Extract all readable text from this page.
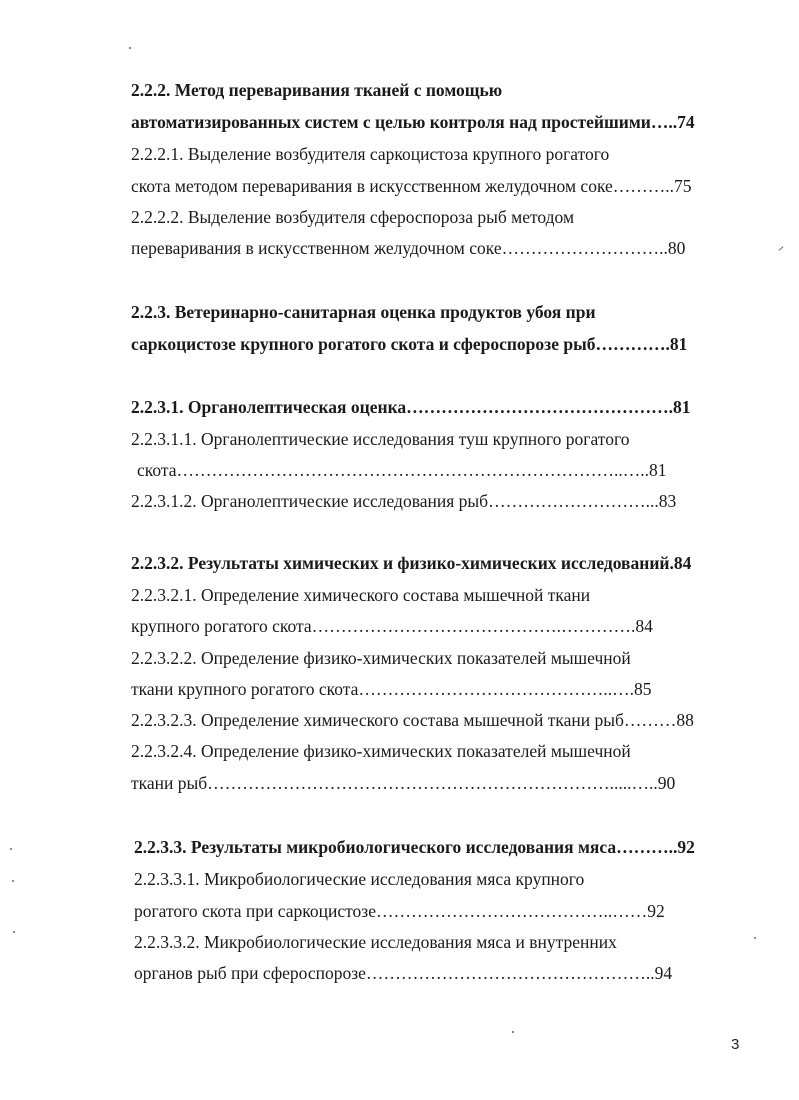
2.2.2. Метод переваривания тканей с помощью
автоматизированных систем с целью контроля над простейшими…..74
2.2.2.1. Выделение возбудителя саркоцистоза крупного рогатого
скота методом переваривания в искусственном желудочном соке………..75
2.2.2.2. Выделение возбудителя сфероспороза рыб методом
переваривания в искусственном желудочном соке………………………..80
2.2.3. Ветеринарно-санитарная оценка продуктов убоя при
саркоцистозе крупного рогатого скота и сфероспорозе рыб………….81
2.2.3.1. Органолептическая оценка……………………………………….81
2.2.3.1.1. Органолептические исследования туш крупного рогатого
скота…………………………………………………………………..…..81
2.2.3.1.2. Органолептические исследования рыб………………………...83
2.2.3.2. Результаты химических и физико-химических исследований.84
2.2.3.2.1. Определение химического состава мышечной ткани
крупного рогатого скота…………………………………….………….84
2.2.3.2.2. Определение физико-химических показателей мышечной
ткани крупного рогатого скота……………………………………..….85
2.2.3.2.3. Определение химического состава мышечной ткани рыб………88
2.2.3.2.4. Определение физико-химических показателей мышечной
ткани рыб…………………………………………………………….....…..90
2.2.3.3. Результаты микробиологического исследования мяса………..92
2.2.3.3.1. Микробиологические исследования мяса крупного
рогатого скота при саркоцистозе…………………………………..……92
2.2.3.3.2. Микробиологические исследования мяса и внутренних
органов рыб при сфероспорозе…………………………………………..94
3
